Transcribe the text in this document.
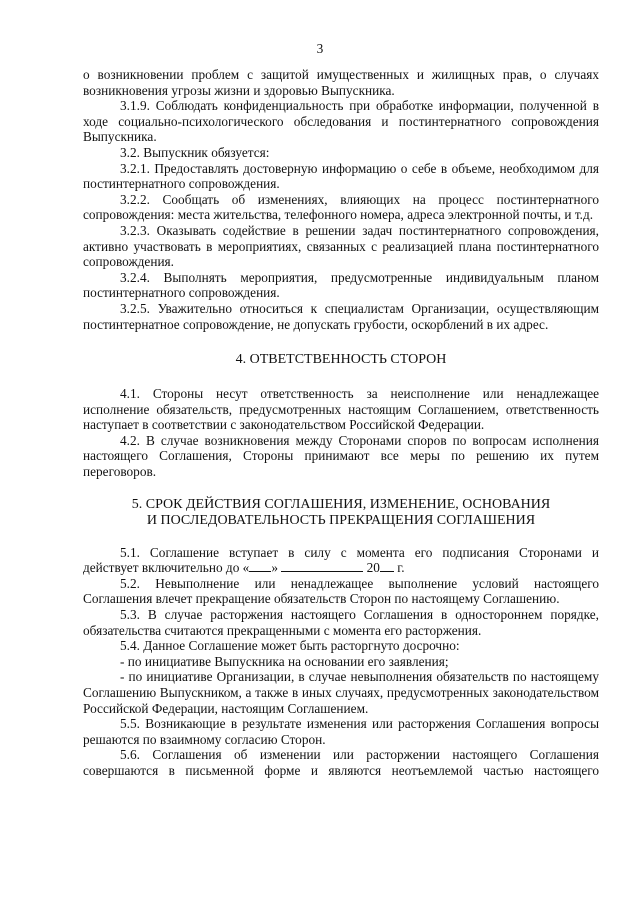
3

о возникновении проблем с защитой имущественных и жилищных прав, о случаях

возникновения угрозы жизни и здоровью Выпускника.

3.1.9. Соблюдать конфиденциальность при обработке информации, полученной в ходе социально-психологического обследования и постинтернатного сопровождения Выпускника.

3.2. Выпускник обязуется:

3.2.1. Предоставлять достоверную информацию о себе в объеме, необходимом для постинтернатного сопровождения.

3.2.2. Сообщать об изменениях, влияющих на процесс постинтернатного сопровождения: места жительства, телефонного номера, адреса электронной почты, и т.д.

3.2.3. Оказывать содействие в решении задач постинтернатного сопровождения, активно участвовать в мероприятиях, связанных с реализацией плана постинтернатного сопровождения.

3.2.4. Выполнять мероприятия, предусмотренные индивидуальным планом постинтернатного сопровождения.

3.2.5. Уважительно относиться к специалистам Организации, осуществляющим постинтернатное сопровождение, не допускать грубости, оскорблений в их адрес.

4. ОТВЕТСТВЕННОСТЬ СТОРОН

4.1. Стороны несут ответственность за неисполнение или ненадлежащее исполнение обязательств, предусмотренных настоящим Соглашением, ответственность наступает в соответствии с законодательством Российской Федерации.

4.2. В случае возникновения между Сторонами споров по вопросам исполнения настоящего Соглашения, Стороны принимают все меры по решению их путем переговоров.

5. СРОК ДЕЙСТВИЯ СОГЛАШЕНИЯ, ИЗМЕНЕНИЕ, ОСНОВАНИЯ
И ПОСЛЕДОВАТЕЛЬНОСТЬ ПРЕКРАЩЕНИЯ СОГЛАШЕНИЯ

5.1. Соглашение вступает в силу с момента его подписания Сторонами и

действует включительно до « »	20 г.

5.2. Невыполнение или ненадлежащее выполнение условий настоящего Соглашения влечет прекращение обязательств Сторон по настоящему Соглашению.

5.3. В случае расторжения настоящего Соглашения в одностороннем порядке, обязательства считаются прекращенными с момента его расторжения.

5.4. Данное Соглашение может быть расторгнуто досрочно:

- по инициативе Выпускника на основании его заявления;

- по инициативе Организации, в случае невыполнения обязательств по настоящему Соглашению Выпускником, а также в иных случаях, предусмотренных законодательством Российской Федерации, настоящим Соглашением.

5.5. Возникающие в результате изменения или расторжения Соглашения вопросы решаются по взаимному согласию Сторон.

5.6. Соглашения об изменении или расторжении настоящего Соглашения

совершаются в письменной форме и являются неотъемлемой частью настоящего
